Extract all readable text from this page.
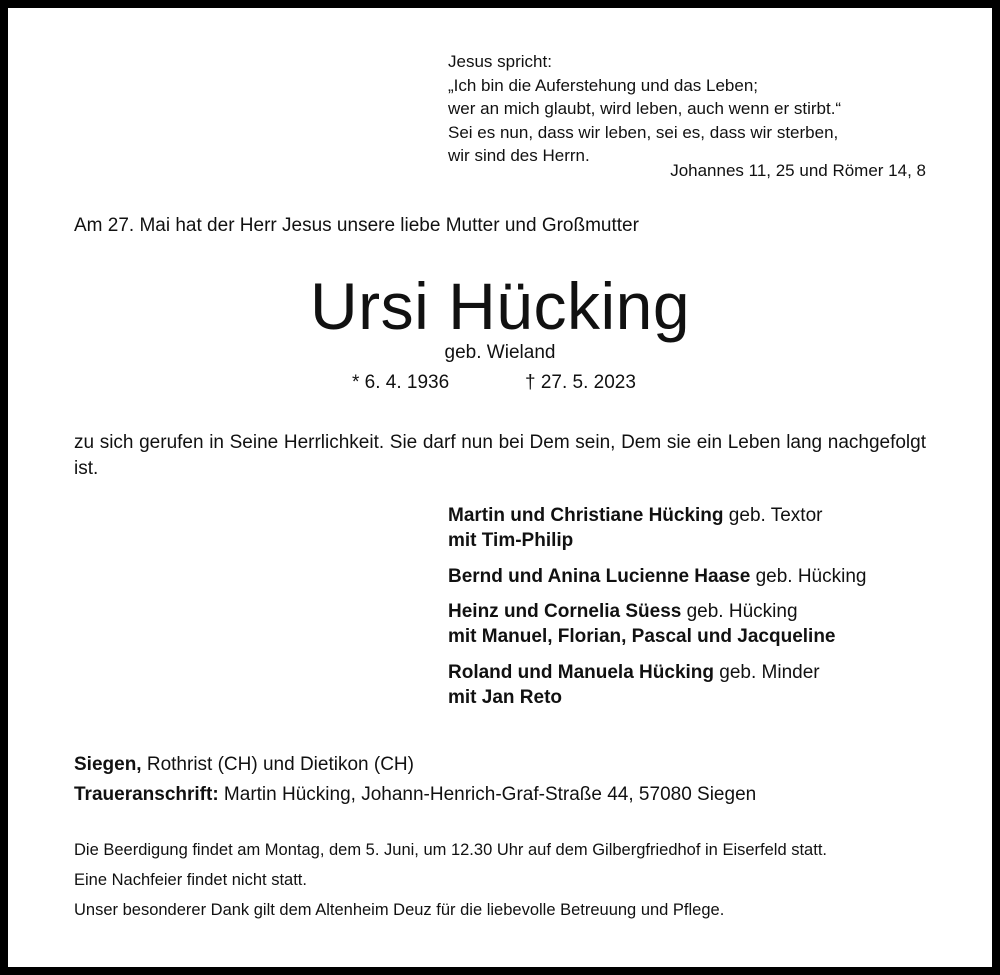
Jesus spricht:
„Ich bin die Auferstehung und das Leben;
wer an mich glaubt, wird leben, auch wenn er stirbt.“
Sei es nun, dass wir leben, sei es, dass wir sterben,
wir sind des Herrn.
Johannes 11, 25 und Römer 14, 8
Am 27. Mai hat der Herr Jesus unsere liebe Mutter und Großmutter
Ursi Hücking
geb. Wieland
* 6. 4. 1936	† 27. 5. 2023
zu sich gerufen in Seine Herrlichkeit. Sie darf nun bei Dem sein, Dem sie ein Leben lang nachgefolgt ist.
Martin und Christiane Hücking geb. Textor
mit Tim-Philip
Bernd und Anina Lucienne Haase geb. Hücking
Heinz und Cornelia Süess geb. Hücking
mit Manuel, Florian, Pascal und Jacqueline
Roland und Manuela Hücking geb. Minder
mit Jan Reto
Siegen, Rothrist (CH) und Dietikon (CH)
Traueranschrift: Martin Hücking, Johann-Henrich-Graf-Straße 44, 57080 Siegen
Die Beerdigung findet am Montag, dem 5. Juni, um 12.30 Uhr auf dem Gilbergfriedhof in Eiserfeld statt.
Eine Nachfeier findet nicht statt.
Unser besonderer Dank gilt dem Altenheim Deuz für die liebevolle Betreuung und Pflege.
